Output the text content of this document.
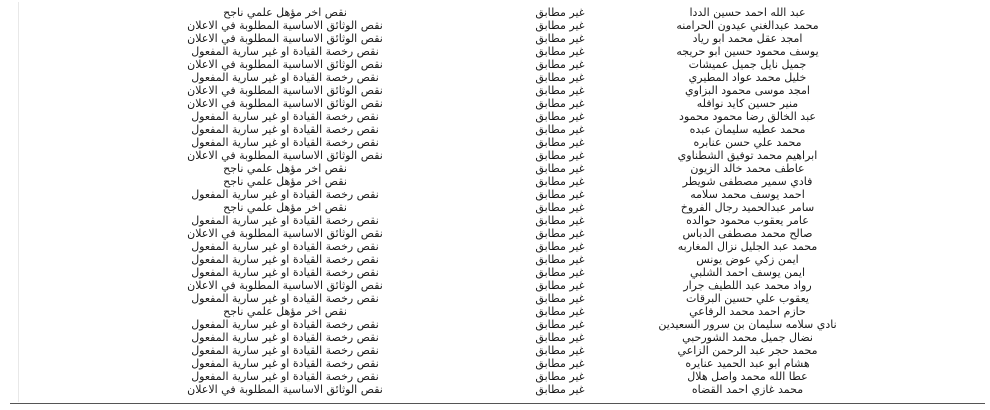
عبد الله احمد حسين الددا
غير مطابق
نقص اخر مؤهل علمي ناجح
محمد عبدالغني عيدون الحرامنه
غير مطابق
نقص الوثائق الاساسية المطلوبة في الاعلان
امجد عقل محمد ابو رياد
غير مطابق
نقص الوثائق الاساسية المطلوبة في الاعلان
يوسف محمود حسين ابو حريجه
غير مطابق
نقص رخصة القيادة او غير سارية المفعول
جميل نايل جميل عميشات
غير مطابق
نقص الوثائق الاساسية المطلوبة في الاعلان
خليل محمد عواد المطيري
غير مطابق
نقص رخصة القيادة او غير سارية المفعول
امجد موسى محمود البزاوي
غير مطابق
نقص الوثائق الاساسية المطلوبة في الاعلان
منير حسين كايد نوافله
غير مطابق
نقص الوثائق الاساسية المطلوبة في الاعلان
عبد الخالق رضا محمود محمود
غير مطابق
نقص رخصة القيادة او غير سارية المفعول
محمد عطيه سليمان عبده
غير مطابق
نقص رخصة القيادة او غير سارية المفعول
محمد علي حسن عنابره
غير مطابق
نقص رخصة القيادة او غير سارية المفعول
ابراهيم محمد توفيق الشطناوي
غير مطابق
نقص الوثائق الاساسية المطلوبة في الاعلان
عاطف محمد خالد الزيون
غير مطابق
نقص اخر مؤهل علمي ناجح
فادي سمير مصطفى شويطر
غير مطابق
نقص اخر مؤهل علمي ناجح
احمد يوسف محمد سلامه
غير مطابق
نقص رخصة القيادة او غير سارية المفعول
سامر عبدالحميد رجال الفروخ
غير مطابق
نقص اخر مؤهل علمي ناجح
عامر يعقوب محمود حوالده
غير مطابق
نقص رخصة القيادة او غير سارية المفعول
صالح محمد مصطفى الدباس
غير مطابق
نقص الوثائق الاساسية المطلوبة في الاعلان
محمد عبد الجليل نزال المغاربه
غير مطابق
نقص رخصة القيادة او غير سارية المفعول
ايمن زكي عوض يونس
غير مطابق
نقص رخصة القيادة او غير سارية المفعول
ايمن يوسف احمد الشلبي
غير مطابق
نقص رخصة القيادة او غير سارية المفعول
رواد محمد عبد اللطيف جرار
غير مطابق
نقص الوثائق الاساسية المطلوبة في الاعلان
يعقوب علي حسين البرقات
غير مطابق
نقص رخصة القيادة او غير سارية المفعول
حازم احمد محمد الرفاعي
غير مطابق
نقص اخر مؤهل علمي ناجح
نادي سلامه سليمان بن سرور السعيدين
غير مطابق
نقص رخصة القيادة او غير سارية المفعول
نضال جميل محمد الشورحبي
غير مطابق
نقص رخصة القيادة او غير سارية المفعول
محمد حجر عبد الرحمن الزاعي
غير مطابق
نقص رخصة القيادة او غير سارية المفعول
هشام ابو عبد الحميد عنايره
غير مطابق
نقص رخصة القيادة او غير سارية المفعول
عطا الله محمد واصل هلال
غير مطابق
نقص رخصة القيادة او غير سارية المفعول
محمد غازي احمد القضاه
غير مطابق
نقص الوثائق الاساسية المطلوبة في الاعلان
